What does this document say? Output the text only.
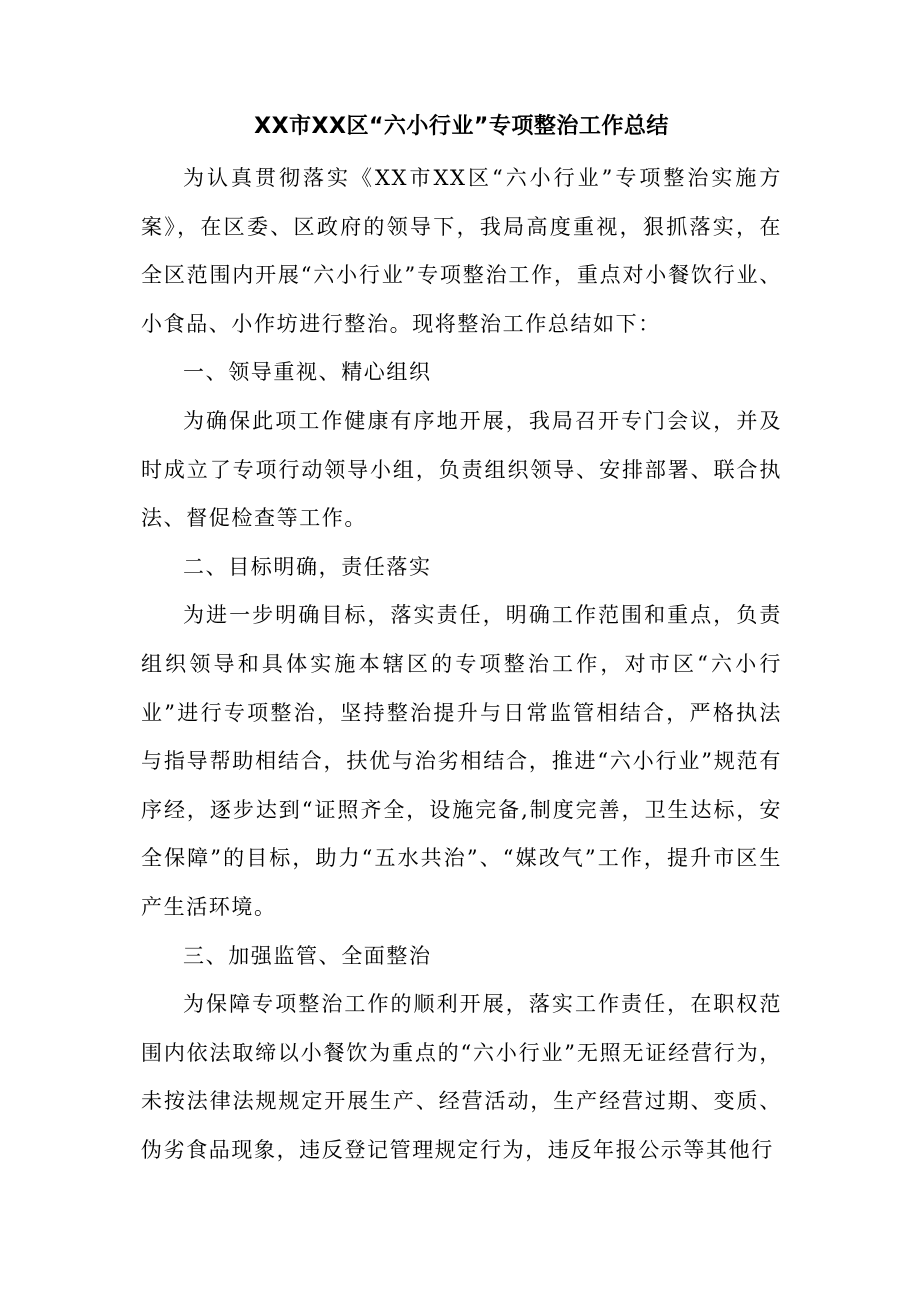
XX市XX区“六小行业”专项整治工作总结

为认真贯彻落实《XX市XX区“六小行业”专项整治实施方案》，在区委、区政府的领导下，我局高度重视，狠抓落实，在全区范围内开展“六小行业”专项整治工作，重点对小餐饮行业、小食品、小作坊进行整治。现将整治工作总结如下：

一、领导重视、精心组织

为确保此项工作健康有序地开展，我局召开专门会议，并及时成立了专项行动领导小组，负责组织领导、安排部署、联合执法、督促检查等工作。

二、目标明确，责任落实

为进一步明确目标，落实责任，明确工作范围和重点，负责组织领导和具体实施本辖区的专项整治工作，对市区“六小行业”进行专项整治，坚持整治提升与日常监管相结合，严格执法与指导帮助相结合，扶优与治劣相结合，推进“六小行业”规范有序经，逐步达到“证照齐全，设施完备,制度完善，卫生达标，安全保障”的目标，助力“五水共治”、“媒改气”工作，提升市区生产生活环境。

三、加强监管、全面整治

为保障专项整治工作的顺利开展，落实工作责任，在职权范围内依法取缔以小餐饮为重点的“六小行业”无照无证经营行为，未按法律法规规定开展生产、经营活动，生产经营过期、变质、伪劣食品现象，违反登记管理规定行为，违反年报公示等其他行
